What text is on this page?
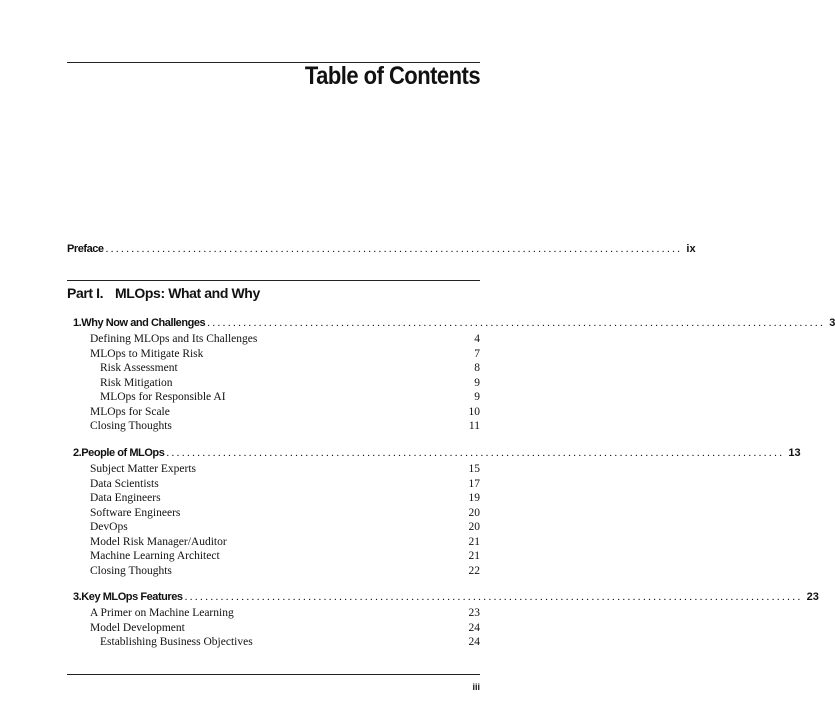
Table of Contents
Preface ................................................................................................................ ix
Part I. MLOps: What and Why
1. Why Now and Challenges ........................................................................................................................ 3
Defining MLOps and Its Challenges	4
MLOps to Mitigate Risk	7
Risk Assessment	8
Risk Mitigation	9
MLOps for Responsible AI	9
MLOps for Scale	10
Closing Thoughts	11
2. People of MLOps ........................................................................................................................ 13
Subject Matter Experts	15
Data Scientists	17
Data Engineers	19
Software Engineers	20
DevOps	20
Model Risk Manager/Auditor	21
Machine Learning Architect	21
Closing Thoughts	22
3. Key MLOps Features ........................................................................................................................ 23
A Primer on Machine Learning	23
Model Development	24
Establishing Business Objectives	24
iii
